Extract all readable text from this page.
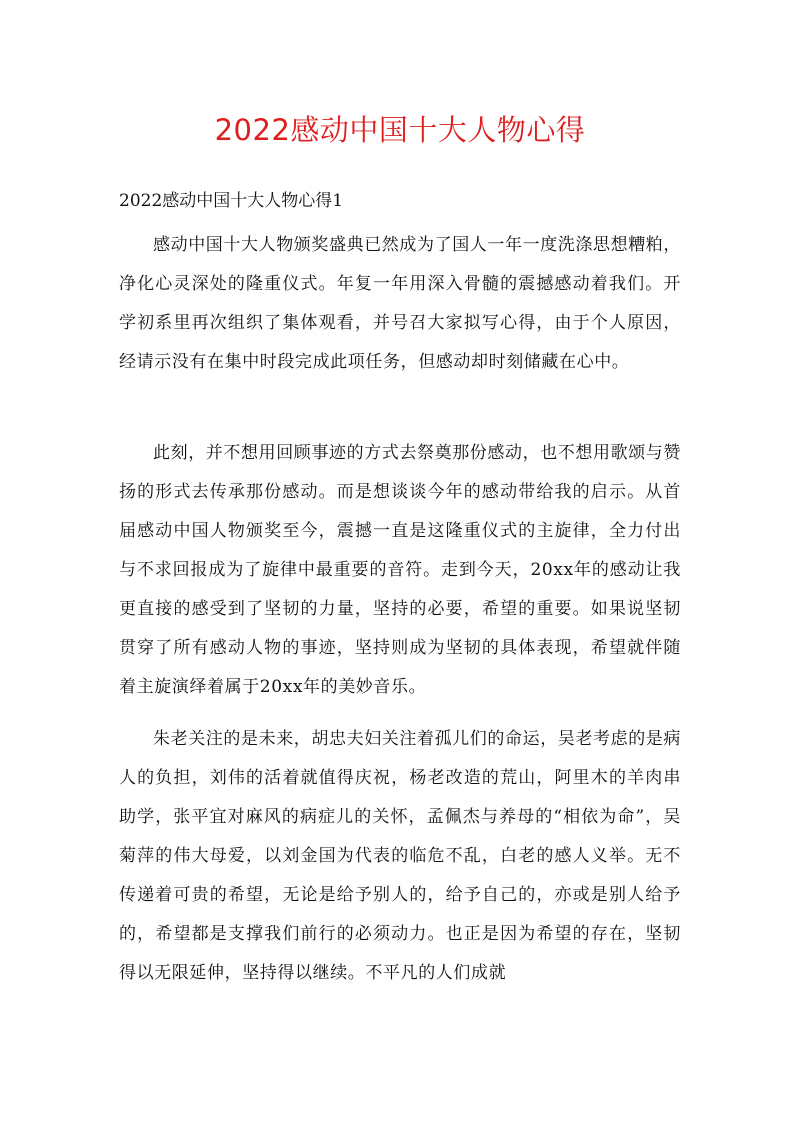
2022感动中国十大人物心得
2022感动中国十大人物心得1

感动中国十大人物颁奖盛典已然成为了国人一年一度洗涤思想糟粕，净化心灵深处的隆重仪式。年复一年用深入骨髓的震撼感动着我们。开学初系里再次组织了集体观看，并号召大家拟写心得，由于个人原因，经请示没有在集中时段完成此项任务，但感动却时刻储藏在心中。

此刻，并不想用回顾事迹的方式去祭奠那份感动，也不想用歌颂与赞扬的形式去传承那份感动。而是想谈谈今年的感动带给我的启示。从首届感动中国人物颁奖至今，震撼一直是这隆重仪式的主旋律，全力付出与不求回报成为了旋律中最重要的音符。走到今天，20xx年的感动让我更直接的感受到了坚韧的力量，坚持的必要，希望的重要。如果说坚韧贯穿了所有感动人物的事迹，坚持则成为坚韧的具体表现，希望就伴随着主旋演绎着属于20xx年的美妙音乐。

朱老关注的是未来，胡忠夫妇关注着孤儿们的命运，吴老考虑的是病人的负担，刘伟的活着就值得庆祝，杨老改造的荒山，阿里木的羊肉串助学，张平宜对麻风的病症儿的关怀，孟佩杰与养母的“相依为命”，吴菊萍的伟大母爱，以刘金国为代表的临危不乱，白老的感人义举。无不传递着可贵的希望，无论是给予别人的，给予自己的，亦或是别人给予的，希望都是支撑我们前行的必须动力。也正是因为希望的存在，坚韧得以无限延伸，坚持得以继续。不平凡的人们成就
